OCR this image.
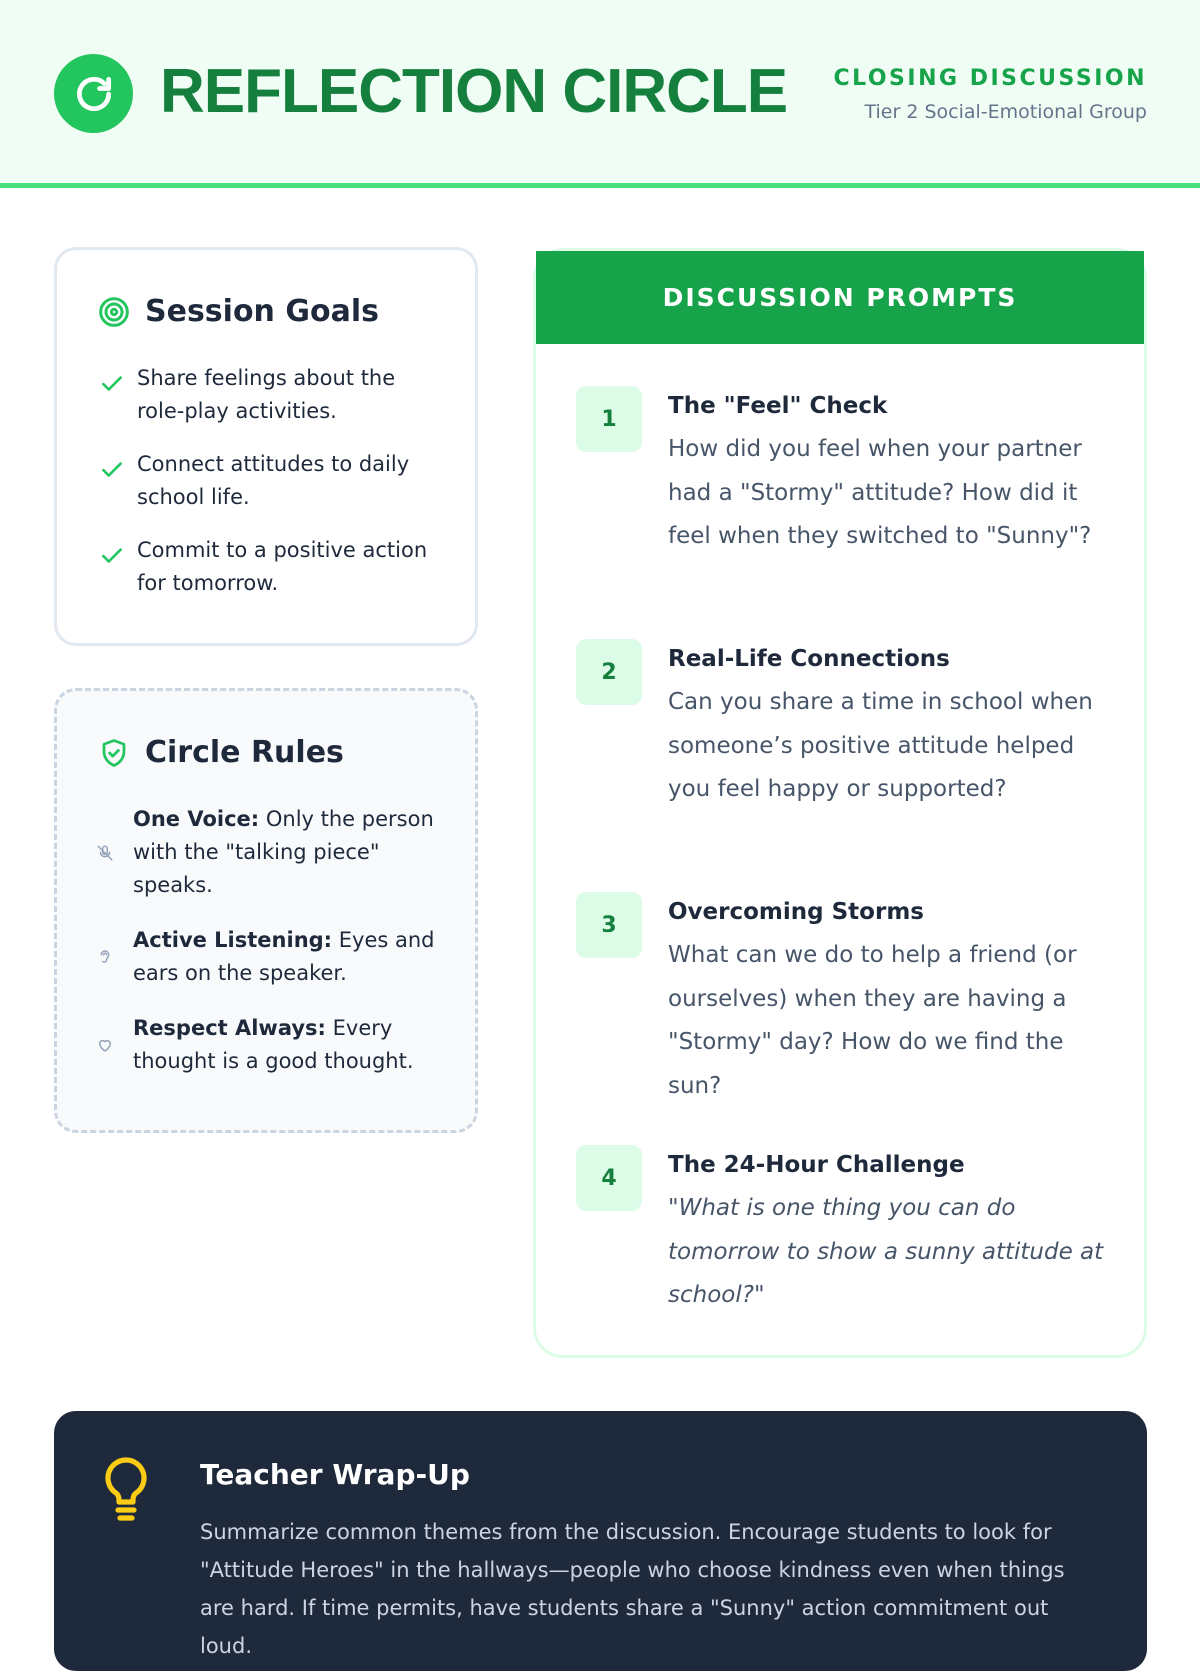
REFLECTION CIRCLE CLOSING DISCUSSION
Tier 2 Social-Emotional Group
Session Goals
Share feelings about the role-play activities.
Connect attitudes to daily school life.
Commit to a positive action for tomorrow.
Circle Rules
One Voice: Only the person with the "talking piece" speaks.
Active Listening: Eyes and ears on the speaker.
Respect Always: Every thought is a good thought.
DISCUSSION PROMPTS
1	The "Feel" Check
How did you feel when your partner had a "Stormy" attitude? How did it feel when they switched to "Sunny"?
2	Real-Life Connections
Can you share a time in school when someone’s positive attitude helped you feel happy or supported?
3	Overcoming Storms
What can we do to help a friend (or ourselves) when they are having a "Stormy" day? How do we find the sun?
4	The 24-Hour Challenge
"What is one thing you can do tomorrow to show a sunny attitude at school?"
Teacher Wrap-Up
Summarize common themes from the discussion. Encourage students to look for "Attitude Heroes" in the hallways—people who choose kindness even when things are hard. If time permits, have students share a "Sunny" action commitment out loud.
